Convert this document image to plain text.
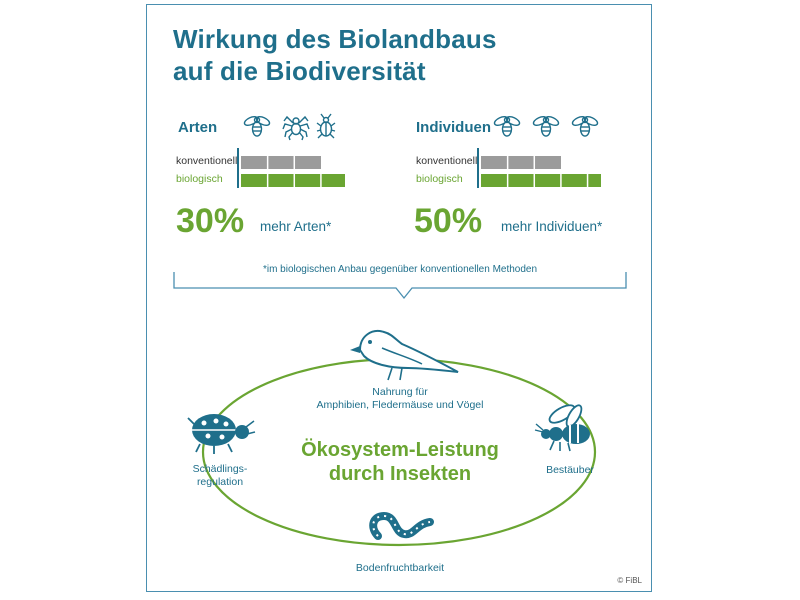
Wirkung des Biolandbaus
auf die Biodiversität
Arten
konventionell
biologisch
30% mehr Arten*
Individuen
konventionell
biologisch
50% mehr Individuen*
*im biologischen Anbau gegenüber konventionellen Methoden
Ökosystem-Leistung
durch Insekten
Nahrung für
Amphibien, Fledermäuse und Vögel
Schädlings-
regulation
Bestäuber
Bodenfruchtbarkeit
© FiBL
